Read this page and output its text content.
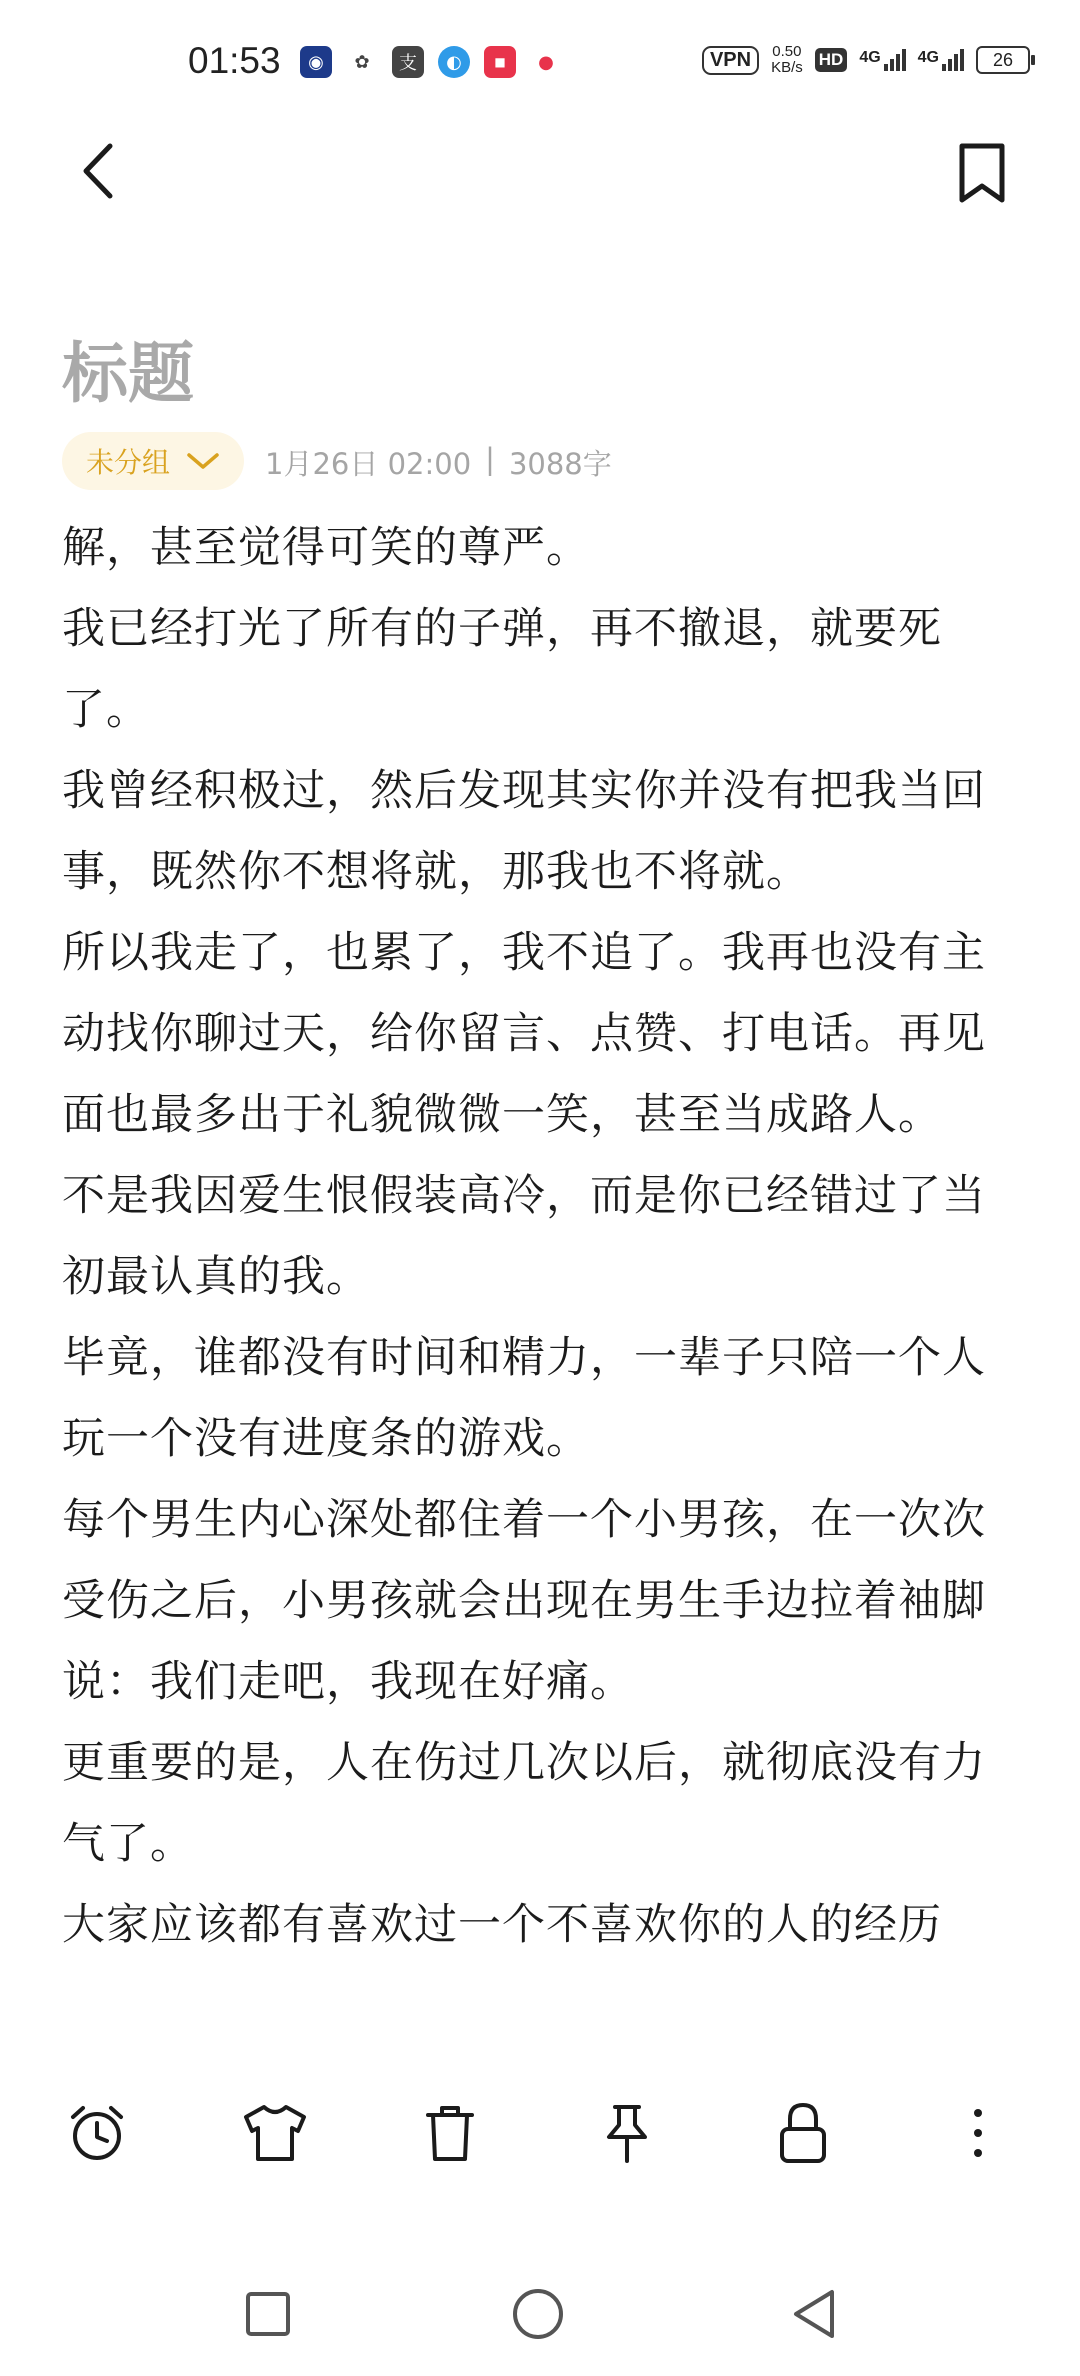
01:53	◉	✿	支	◐	■	●	VPN	0.50
KB/s HD 4G 4G	26
标题
未分组	1月26日 02:00 | 3088字

解，甚至觉得可笑的尊严。

我已经打光了所有的子弹，再不撤退，就要死了。

我曾经积极过，然后发现其实你并没有把我当回事，既然你不想将就，那我也不将就。

所以我走了，也累了，我不追了。我再也没有主动找你聊过天，给你留言、点赞、打电话。再见面也最多出于礼貌微微一笑，甚至当成路人。

不是我因爱生恨假装高冷，而是你已经错过了当初最认真的我。

毕竟，谁都没有时间和精力，一辈子只陪一个人玩一个没有进度条的游戏。

每个男生内心深处都住着一个小男孩，在一次次受伤之后，小男孩就会出现在男生手边拉着袖脚说：我们走吧，我现在好痛。

更重要的是，人在伤过几次以后，就彻底没有力气了。

大家应该都有喜欢过一个不喜欢你的人的经历
